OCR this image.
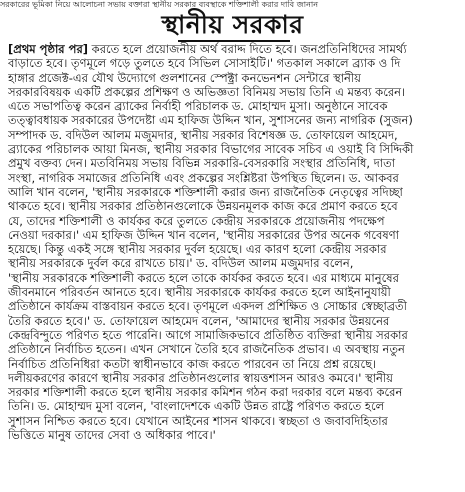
সরকারের ভূমিকা নিয়ে আলোচনা সভায় বক্তারা স্থানীয় সরকার ব্যবস্থাকে শক্তিশালী করার দাবি জানান
স্থানীয় সরকার
[প্রথম পৃষ্ঠার পর] করতে হলে প্রয়োজনীয় অর্থ বরাদ্দ দিতে হবে। জনপ্রতিনিধিদের সামর্থ্য
বাড়াতে হবে। তৃণমূলে গড়ে তুলতে হবে সিভিল সোসাইটি।' গতকাল সকালে ব্র্যাক ও দি
হাঙ্গার প্রজেক্ট-এর যৌথ উদ্যোগে গুলশানের স্পেক্ট্রা কনভেনশন সেন্টারে স্থানীয়
সরকারবিষয়ক একটি প্রকল্পের প্রশিক্ষণ ও অভিজ্ঞতা বিনিময় সভায় তিনি এ মন্তব্য করেন।
এতে সভাপতিত্ব করেন ব্র্যাকের নির্বাহী পরিচালক ড. মোহাম্মদ মুসা। অনুষ্ঠানে সাবেক
তত্ত্বাবধায়ক সরকারের উপদেষ্টা এম হাফিজ উদ্দিন খান, সুশাসনের জন্য নাগরিক (সুজন)
সম্পাদক ড. বদিউল আলম মজুমদার, স্থানীয় সরকার বিশেষজ্ঞ ড. তোফায়েল আহমেদ,
ব্র্যাকের পরিচালক আয়া মিনজ, স্থানীয় সরকার বিভাগের সাবেক সচিব এ ওয়াই বি সিদ্দিকী
প্রমুখ বক্তব্য দেন। মতবিনিময় সভায় বিভিন্ন সরকারি-বেসরকারি সংস্থার প্রতিনিধি, দাতা
সংস্থা, নাগরিক সমাজের প্রতিনিধি এবং প্রকল্পের সংশ্লিষ্টরা উপস্থিত ছিলেন। ড. আকবর
আলি খান বলেন, 'স্থানীয় সরকারকে শক্তিশালী করার জন্য রাজনৈতিক নেতৃত্বের সদিচ্ছা
থাকতে হবে। স্থানীয় সরকার প্রতিষ্ঠানগুলোকে উন্নয়নমূলক কাজ করে প্রমাণ করতে হবে
যে, তাদের শক্তিশালী ও কার্যকর করে তুলতে কেন্দ্রীয় সরকারকে প্রয়োজনীয় পদক্ষেপ
নেওয়া দরকার।' এম হাফিজ উদ্দিন খান বলেন, 'স্থানীয় সরকারের উপর অনেক গবেষণা
হয়েছে। কিন্তু একই সঙ্গে স্থানীয় সরকার দুর্বল হয়েছে। এর কারণ হলো কেন্দ্রীয় সরকার
স্থানীয় সরকারকে দুর্বল করে রাখতে চায়।' ড. বদিউল আলম মজুমদার বলেন,
'স্থানীয় সরকারকে শক্তিশালী করতে হলে তাকে কার্যকর করতে হবে। এর মাধ্যমে মানুষের
জীবনমানে পরিবর্তন আনতে হবে। স্থানীয় সরকারকে কার্যকর করতে হলে আইনানুযায়ী
প্রতিষ্ঠানে কার্যক্রম বাস্তবায়ন করতে হবে। তৃণমূলে একদল প্রশিক্ষিত ও সোচ্চার স্বেচ্ছাব্রতী
তৈরি করতে হবে।' ড. তোফায়েল আহমেদ বলেন, 'আমাদের স্থানীয় সরকার উন্নয়নের
কেন্দ্রবিন্দুতে পরিণত হতে পারেনি। আগে সামাজিকভাবে প্রতিষ্ঠিত ব্যক্তিরা স্থানীয় সরকার
প্রতিষ্ঠানে নির্বাচিত হতেন। এখন সেখানে তৈরি হবে রাজনৈতিক প্রভাব। এ অবস্থায় নতুন
নির্বাচিত প্রতিনিধিরা কতটা স্বাধীনভাবে কাজ করতে পারবেন তা নিয়ে প্রশ্ন রয়েছে।
দলীয়করণের কারণে স্থানীয় সরকার প্রতিষ্ঠানগুলোর স্বায়ত্তশাসন আরও কমবে।' স্থানীয়
সরকার শক্তিশালী করতে হলে স্থানীয় সরকার কমিশন গঠন করা দরকার বলে মন্তব্য করেন
তিনি। ড. মোহাম্মদ মুসা বলেন, 'বাংলাদেশকে একটি উন্নত রাষ্ট্রে পরিণত করতে হলে
সুশাসন নিশ্চিত করতে হবে। যেখানে আইনের শাসন থাকবে। স্বচ্ছতা ও জবাবদিহিতার
ভিত্তিতে মানুষ তাদের সেবা ও অধিকার পাবে।'
